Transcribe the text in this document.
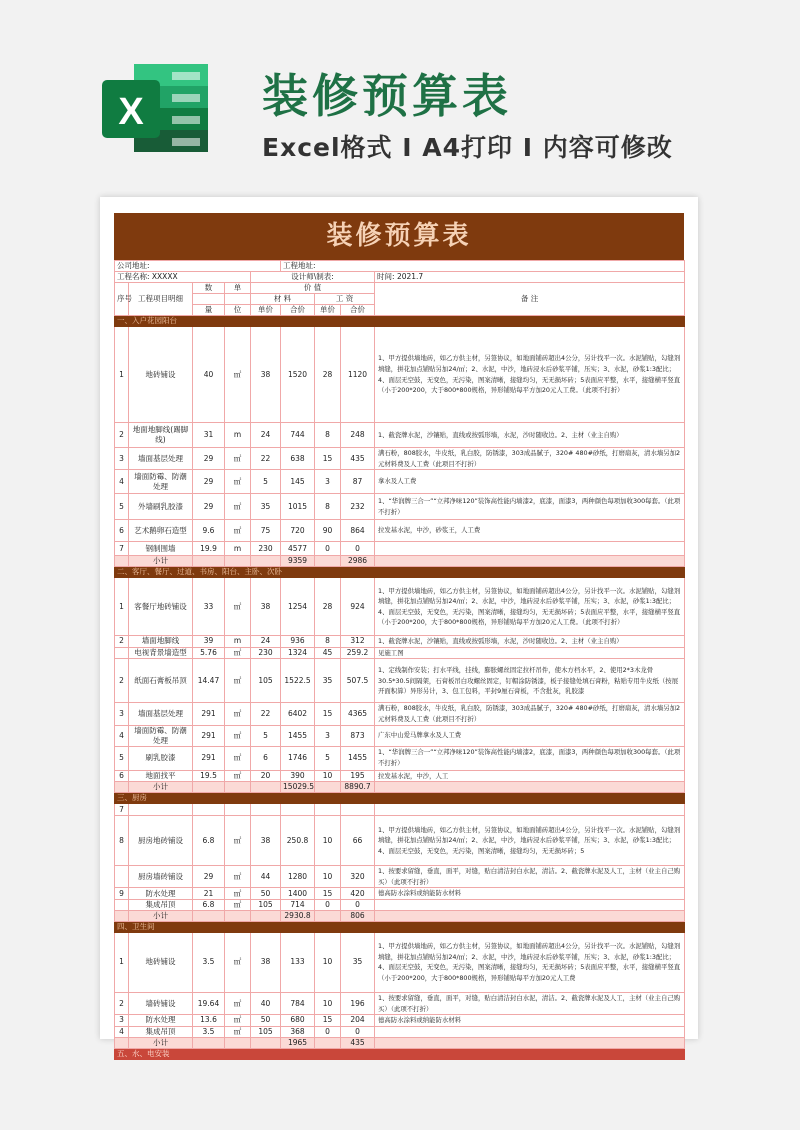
X	装修预算表
Excel格式 I A4打印 I 内容可修改
装修预算表
公司地址:					工程地址:			
工程名称: XXXXX				设计师\制表:				时间: 2021.7
序号	工程项目明细	数	单	价 值				备 注
				材 料		工 资		
		量	位	单价	合价	单价	合价	
一、入户花园阳台								
1	地砖铺设	40	㎡	38	1520	28	1120	1、甲方提供墙地砖，如乙方供主材，另签协议，如地面铺砖超出4公分，另计找平一次。水泥铺贴，勾缝剂填缝，拼花加点铺贴另加24/㎡；2、水泥，中沙，地砖浸水后砂浆平铺，压实；3、水泥，砂浆1:3配比；4、面层无空鼓，无变色，无污染，图案清晰，接缝均匀，无无损坏砖；5表面应平整，水平，接缝横平竖直（小于200*200，大于800*800规格，异形铺贴每平方加20元人工费。（此项不打折）
2	地面地脚线(踢脚线)	31	m	24	744	8	248	1、截瓷牌水泥，沙镶贴，直线或按弧形墙，水泥，沙时随收边。2、主材（业主自购）
3	墙面基层处理	29	㎡	22	638	15	435	满石粉，808胶水，牛皮纸，乳白胶，防锈漆，303成品腻子，320# 480#砂纸，打磨扇灰，清水墙另加2元材料费及人工费（此项目不打折）
4	墙面防霉、防潮处理	29	㎡	5	145	3	87	拿水及人工费
5	外墙刷乳胶漆	29	㎡	35	1015	8	232	1、“华润牌三合一”“立邦净味120”装饰高性能内墙漆2，底漆，面漆3，两种颜色每项加收300每套。（此项不打折）
6	艺术鹅卵石造型	9.6	㎡	75	720	90	864	拉发基水泥，中沙，砂浆王，人工费
7	钢制围墙	19.9	m	230	4577	0	0	
	小计				9359		2986	
二、客厅、餐厅、过道、书房、阳台、主卧、次卧								
1	客餐厅地砖铺设	33	㎡	38	1254	28	924	1、甲方提供墙地砖，如乙方供主材，另签协议，如地面铺砖超出4公分，另计找平一次。水泥铺贴，勾缝剂填缝，拼花加点铺贴另加24/㎡；2、水泥，中沙，地砖浸水后砂浆平铺，压实；3、水泥，砂浆1:3配比；4、面层无空鼓，无变色，无污染，图案清晰，接缝均匀，无无损坏砖；5表面应平整，水平，接缝横平竖直（小于200*200，大于800*800规格，异形铺贴每平方加20元人工费。（此项不打折）
2	墙面地脚线	39	m	24	936	8	312	1、截瓷牌水泥，沙镶贴，直线或按弧形墙，水泥，沙时随收边。2、主材（业主自购）
	电视背景墙造型	5.76	㎡	230	1324	45	259.2	见施工图
2	纸面石膏板吊顶	14.47	㎡	105	1522.5	35	507.5	1、定线制作安装；打水平线，挂线，膨胀螺丝固定拉杆吊件，使木方档水平，2、使用2*3木龙骨30.5*30.5间隔架，石膏板吊白攻螺丝固定，钉帽涂防锈漆，板子接缝处填石膏粉，粘贴专用牛皮纸（按展开面积算）异形另计，3、包工包料，平封9厘石膏板，不含批灰，乳胶漆
3	墙面基层处理	291	㎡	22	6402	15	4365	满石粉，808胶水，牛皮纸，乳白胶，防锈漆，303成品腻子，320# 480#砂纸，打磨扇灰，清水墙另加2元材料费及人工费（此项目不打折）
4	墙面防霉、防潮处理	291	㎡	5	1455	3	873	广东中山爱马牌拿水及人工费
5	刷乳胶漆	291	㎡	6	1746	5	1455	1、“华润牌三合一”“立邦净味120”装饰高性能内墙漆2，底漆，面漆3，两种颜色每项加收300每套。（此项不打折）
6	地面找平	19.5	㎡	20	390	10	195	拉发基水泥，中沙，人工
	小计				15029.5		8890.7	
三、厨房								
7								
8	厨房地砖铺设	6.8	㎡	38	250.8	10	66	1、甲方提供墙地砖，如乙方供主材，另签协议，如地面铺砖超出4公分，另计找平一次。水泥铺贴，勾缝剂填缝，拼花加点铺贴另加24/㎡；2、水泥，中沙，地砖浸水后砂浆平铺，压实；3、水泥，砂浆1:3配比；4、面层无空鼓，无变色，无污染，图案清晰，接缝均匀，无无损坏砖；5
	厨房墙砖铺设	29	㎡	44	1280	10	320	1、按要求留缝，垂直，面平，对缝，贴白清洁封白水泥，清洁。2、截瓷牌水泥及人工，主材（业主自己购买）（此项不打折）
9	防水处理	21	㎡	50	1400	15	420	德高防水涂料或纳能防水材料
	集成吊顶	6.8	㎡	105	714	0	0	
	小计				2930.8		806	
四、卫生间								
1	地砖铺设	3.5	㎡	38	133	10	35	1、甲方提供墙地砖，如乙方供主材，另签协议，如地面铺砖超出4公分，另计找平一次。水泥铺贴，勾缝剂填缝，拼花加点铺贴另加24/㎡；2、水泥，中沙，地砖浸水后砂浆平铺，压实；3、水泥，砂浆1:3配比；4、面层无空鼓，无变色，无污染，图案清晰，接缝均匀，无无损坏砖；5表面应平整，水平，接缝横平竖直（小于200*200，大于800*800规格，异形铺贴每平方加20元人工费
2	墙砖铺设	19.64	㎡	40	784	10	196	1、按要求留缝，垂直，面平，对缝，贴白清洁封白水泥，清洁。2、截瓷牌水泥及人工，主材（业主自己购买）（此项不打折）
3	防水处理	13.6	㎡	50	680	15	204	德高防水涂料或纳能防水材料
4	集成吊顶	3.5	㎡	105	368	0	0	
	小计				1965		435	
五、水、电安装								
